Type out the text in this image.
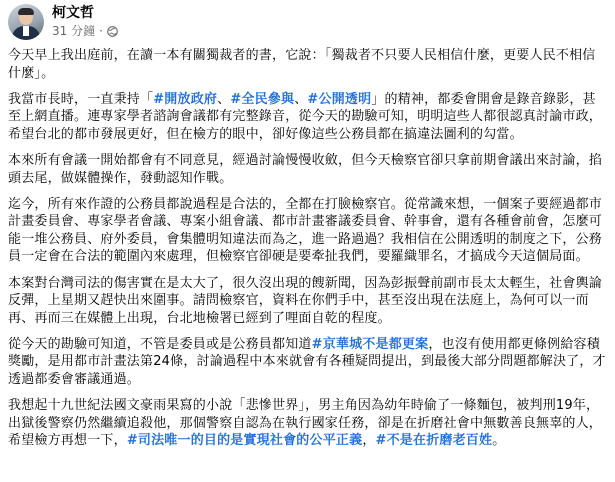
柯文哲
31 分鐘 ·

今天早上我出庭前，在讀一本有關獨裁者的書，它說：「獨裁者不只要人民相信什麼，更要人民不相信什麼」。

我當市長時，一直秉持「#開放政府、#全民參與、#公開透明」的精神，都委會開會是錄音錄影，甚至上網直播。連專家學者諮詢會議都有完整錄音，從今天的勘驗可知，明明這些人都很認真討論市政，希望台北的都市發展更好，但在檢方的眼中，卻好像這些公務員都在搞違法圖利的勾當。

本來所有會議一開始都會有不同意見，經過討論慢慢收斂，但今天檢察官卻只拿前期會議出來討論，掐頭去尾，做媒體操作，發動認知作戰。

迄今，所有來作證的公務員都說過程是合法的，全都在打臉檢察官。從常識來想，一個案子要經過都市計畫委員會、專家學者會議、專案小組會議、都市計畫審議委員會、幹事會，還有各種會前會，怎麼可能一堆公務員、府外委員，會集體明知違法而為之，進一路過過？我相信在公開透明的制度之下，公務員一定會在合法的範圍內來處理，但檢察官卻硬是要牽扯我們，要羅織罪名，才搞成今天這個局面。

本案對台灣司法的傷害實在是太大了，很久沒出現的餿新聞，因為彭振聲前副市長太太輕生，社會輿論反彈，上星期又趕快出來圍事。請問檢察官，資料在你們手中，甚至沒出現在法庭上，為何可以一而再、再而三在媒體上出現，台北地檢署已經到了哩面自乾的程度。

從今天的勘驗可知道，不管是委員或是公務員都知道#京華城不是都更案，也沒有使用都更條例給容積獎勵，是用都市計畫法第24條，討論過程中本來就會有各種疑問提出，到最後大部分問題都解決了，才透過都委會審議通過。

我想起十九世紀法國文豪雨果寫的小說「悲慘世界」，男主角因為幼年時偷了一條麵包，被判刑19年，出獄後警察仍然繼續追殺他，那個警察自認為在執行國家任務，卻是在折磨社會中無數善良無辜的人，希望檢方再想一下，#司法唯一的目的是實現社會的公平正義，#不是在折磨老百姓。
